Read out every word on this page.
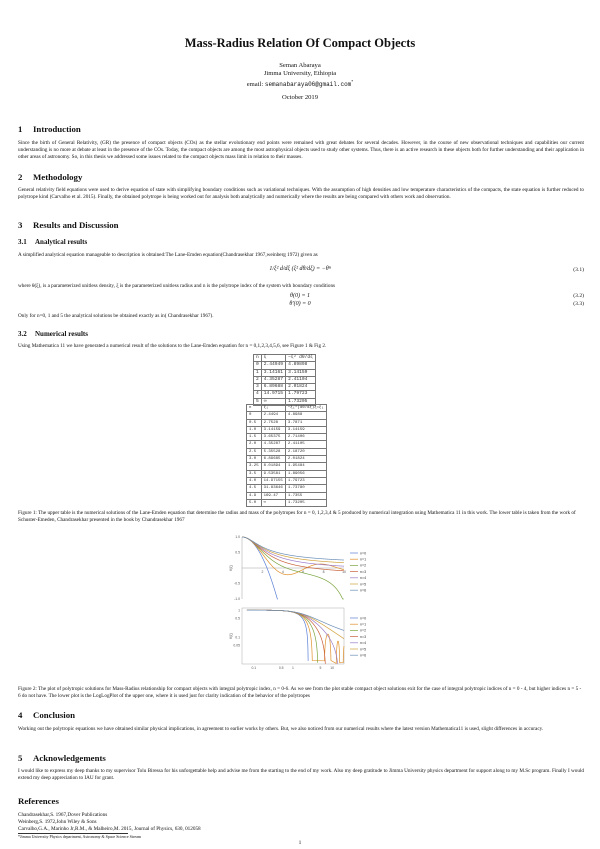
Mass-Radius Relation Of Compact Objects
Seman Abaraya
Jimma University, Ethiopia
email: semanabaraya06@gmail.com*
October 2019
1 Introduction
Since the birth of General Relativity, (GR) the presence of compact objects (COs) as the stellar evolutionary end points were remained with great debates for several decades. However, in the course of new observational techniques and capabilities our current understanding is no more at debate at least in the presence of the COs. Today, the compact objects are among the most astrophysical objects used to study other systems. Thus, there is an active research in these objects both for further understanding and their application in other areas of astronomy. So, in this thesis we addressed some issues related to the compact objects mass limit in relation to their masses.
2 Methodology
General relativity field equations were used to derive equation of state with simplifying boundary conditions such as variational techniques. With the assumption of high densities and low temperature characteristics of the compacts, the state equation is further reduced to polytrope kind (Carvalho et al. 2015). Finally, the obtained polytrope is being worked out for analysis both analytically and numerically where the results are being compared with others work and observation.
3 Results and Discussion
3.1 Analytical results
A simplified analytical equation manageable to description is obtained:The Lane-Emden equation(Chandrasekhar 1967,weinberg 1972) given as
1/ξ² d/dξ (ξ² dθ/dξ) = −θⁿ	(3.1)
where θ(ξ), is a parameterized unitless density, ξ is the parameterized unitless radius and n is the polytrope index of the system with boundary conditions
θ(0) = 1	(3.2)
θ′(0) = 0	(3.3)
Only for n=0, 1 and 5 the analytical solutions be obtained exactly as in( Chandrasekhar 1967).
3.2 Numerical results
Using Mathematica 11 we have generated a numerical result of the solutions to the Lane-Emden equation for n = 0,1,2,3,4,5,6, see Figure 1 & Fig 2.
n	ξ	−ξ² dθ/dξ
0	2.44949	4.89898
1	3.14161	3.14159
2	4.35287	2.41104
3	6.89688	2.01824
4	14.9715	1.79723
5	∞	1.73205
n	ξ₁	−ξ₁²(dθ/dξ)ξ=ξ₁
0	2.4494	4.8988
0.5	2.7528	3.7871
1.0	3.14159	3.14159
1.5	3.65375	2.71406
2.0	4.35287	2.41105
2.5	5.35528	2.18720
3.0	6.89685	2.01824
3.25	8.01894	1.95484
3.5	9.53581	1.89056
4.0	14.97155	1.79723
4.5	31.83646	1.73780
4.9	169.47	1.7355
5.0	∞	1.73205
Figure 1: The upper table is the numerical solutions of the Lane-Emden equation that determine the radius and mass of the polytropes for n = 0, 1,2,3,4 & 5 produced by numerical integration using Mathematica 11 in this work. The lower table is taken from the work of Schuster-Emeden, Chandrasekhar presented in the book by Chandrasekhar 1967
2	4	6	8	10
1.0
0.5
-0.5
-1.0
θ(ξ)
n=0
n=1
n=2
n=3
n=4
n=5
n=6
0.1	0.5 1	5	10
1
0.5
0.1
0.05
θ(ξ)
n=0
n=1
n=2
n=3
n=4
n=5
n=6
Figure 2: The plot of polytropic solutions for Mass-Radius relationship for compact objects with integral polytropic index, n = 0-6. As we see from the plot stable compact object solutions exit for the case of integral polytropic indices of n = 0 - 4, but higher indices n = 5 - 6 do not have. The lower plot is the LogLogPlot of the upper one, where it is used just for clarity indication of the behavior of the polytropes
4 Conclusion
Working out the polytropic equations we have obtained similar physical implications, in agreement to earlier works by others. But, we also noticed from our numerical results where the latest version Mathematica11 is used, slight differences in accuracy.
5 Acknowledgements
I would like to express my deep thanks to my supervisor Tolu Biressa for his unforgettable help and advise me from the starting to the end of my work. Also my deep gratitude to Jimma University physics department for support along to my M.Sc program. Finally I would extend my deep appreciation to IAU for grant.
References
Chandrasekhar,S. 1967,Dover Publications
Weinberg,S. 1972,John Wiley & Sons
Carvalho,G.A., Marinho Jr,R.M., & Malheiro,M. 2015, Journal of Physics, 630, 012058
*Jimma University Physics department, Astronomy & Space Science Stream
1
